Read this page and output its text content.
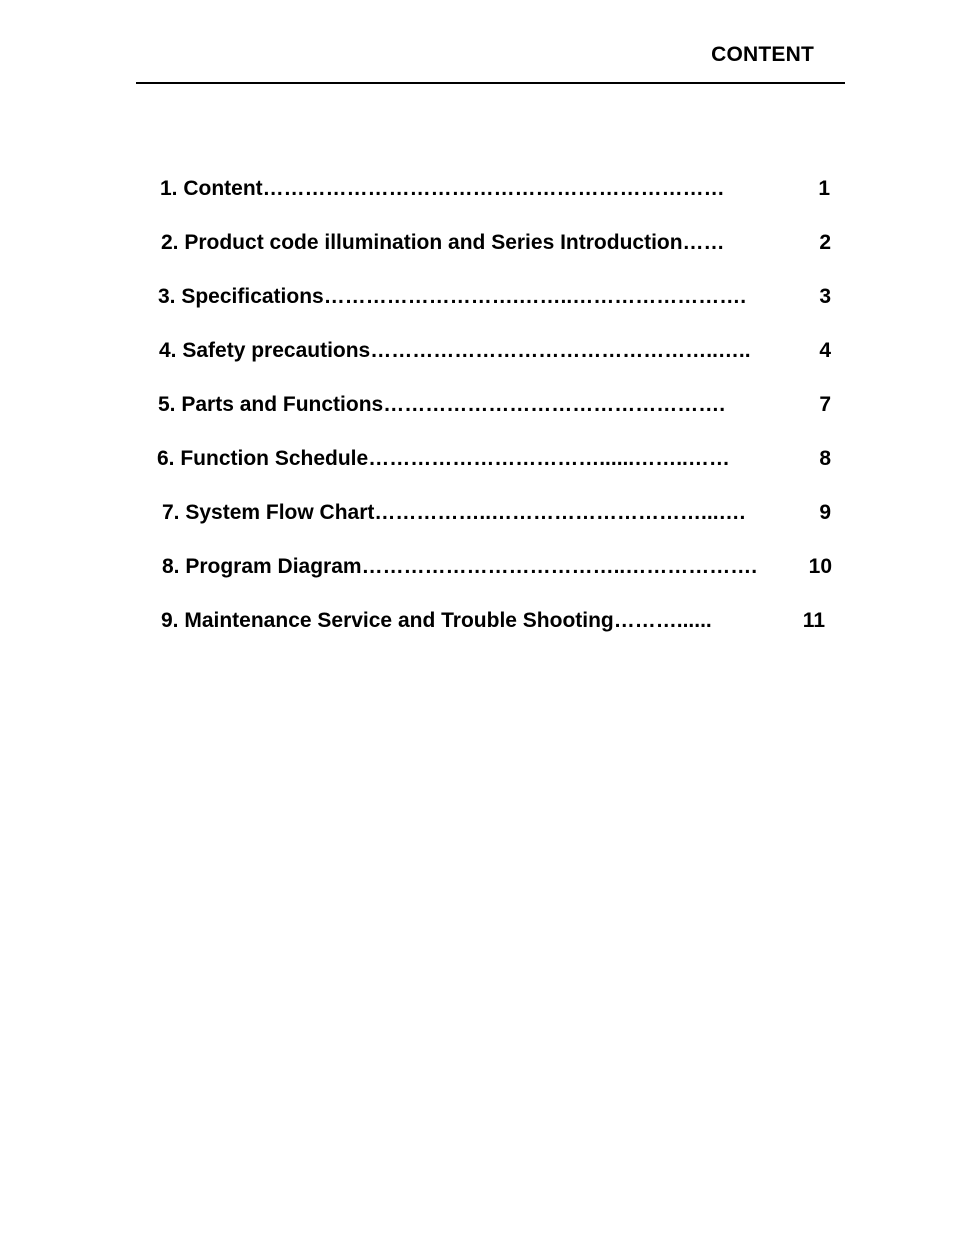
CONTENT
1. Content…………………………………………………………	1
2. Product code illumination and Series Introduction……	2
3. Specifications……………………….……..…………………….	3
4. Safety precautions…………………………………………..…..	4
5. Parts and Functions………………………………………….	7
6. Function Schedule……………………………......……..……	8
7. System Flow Chart……………..…………………………...….	9
8. Program Diagram………………………………..………………. 10
9. Maintenance Service and Trouble Shooting………......	11
